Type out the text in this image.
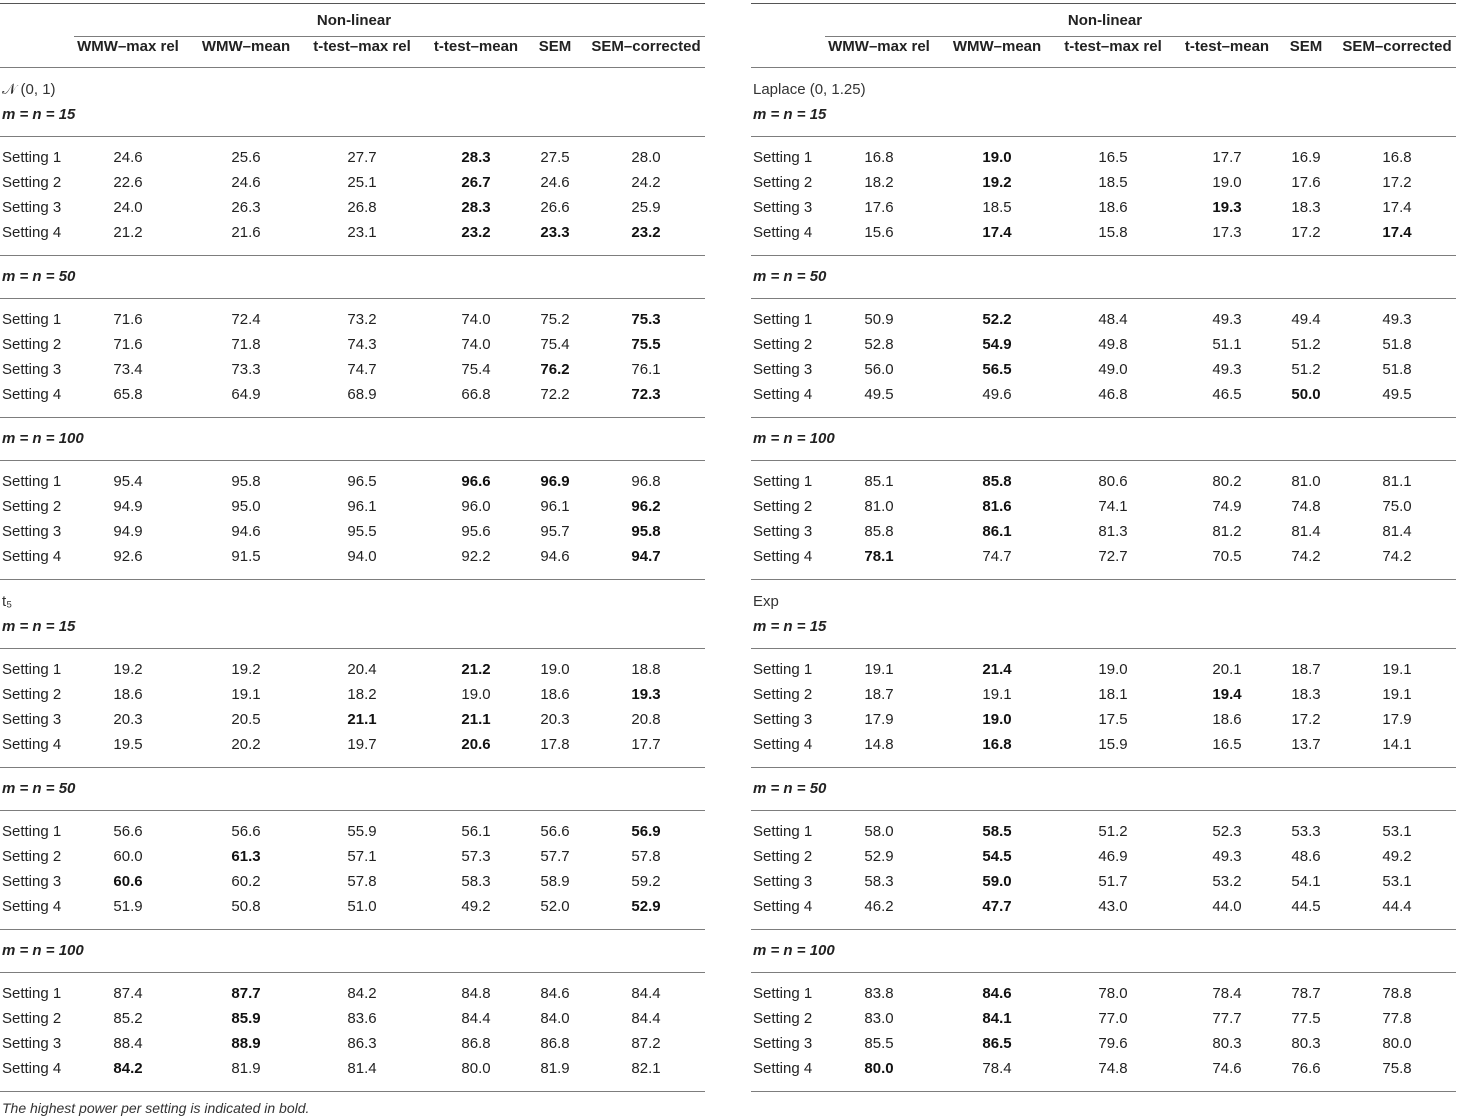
Non-linear
WMW–max rel WMW–mean t-test–max rel t-test–mean SEM SEM–corrected
𝒩 (0, 1)
m = n = 15
Setting 1	24.6	25.6	27.7	28.3	27.5	28.0
Setting 2	22.6	24.6	25.1	26.7	24.6	24.2
Setting 3	24.0	26.3	26.8	28.3	26.6	25.9
Setting 4	21.2	21.6	23.1	23.2	23.3	23.2
m = n = 50
Setting 1	71.6	72.4	73.2	74.0	75.2	75.3
Setting 2	71.6	71.8	74.3	74.0	75.4	75.5
Setting 3	73.4	73.3	74.7	75.4	76.2	76.1
Setting 4	65.8	64.9	68.9	66.8	72.2	72.3
m = n = 100
Setting 1	95.4	95.8	96.5	96.6	96.9	96.8
Setting 2	94.9	95.0	96.1	96.0	96.1	96.2
Setting 3	94.9	94.6	95.5	95.6	95.7	95.8
Setting 4	92.6	91.5	94.0	92.2	94.6	94.7
t₅
m = n = 15
Setting 1	19.2	19.2	20.4	21.2	19.0	18.8
Setting 2	18.6	19.1	18.2	19.0	18.6	19.3
Setting 3	20.3	20.5	21.1	21.1	20.3	20.8
Setting 4	19.5	20.2	19.7	20.6	17.8	17.7
m = n = 50
Setting 1	56.6	56.6	55.9	56.1	56.6	56.9
Setting 2	60.0	61.3	57.1	57.3	57.7	57.8
Setting 3	60.6	60.2	57.8	58.3	58.9	59.2
Setting 4	51.9	50.8	51.0	49.2	52.0	52.9
m = n = 100
Setting 1	87.4	87.7	84.2	84.8	84.6	84.4
Setting 2	85.2	85.9	83.6	84.4	84.0	84.4
Setting 3	88.4	88.9	86.3	86.8	86.8	87.2
Setting 4	84.2	81.9	81.4	80.0	81.9	82.1
Non-linear
WMW–max rel WMW–mean t-test–max rel t-test–mean SEM SEM–corrected
Laplace (0, 1.25)
m = n = 15
Setting 1	16.8	19.0	16.5	17.7	16.9	16.8
Setting 2	18.2	19.2	18.5	19.0	17.6	17.2
Setting 3	17.6	18.5	18.6	19.3	18.3	17.4
Setting 4	15.6	17.4	15.8	17.3	17.2	17.4
m = n = 50
Setting 1	50.9	52.2	48.4	49.3	49.4	49.3
Setting 2	52.8	54.9	49.8	51.1	51.2	51.8
Setting 3	56.0	56.5	49.0	49.3	51.2	51.8
Setting 4	49.5	49.6	46.8	46.5	50.0	49.5
m = n = 100
Setting 1	85.1	85.8	80.6	80.2	81.0	81.1
Setting 2	81.0	81.6	74.1	74.9	74.8	75.0
Setting 3	85.8	86.1	81.3	81.2	81.4	81.4
Setting 4	78.1	74.7	72.7	70.5	74.2	74.2
Exp
m = n = 15
Setting 1	19.1	21.4	19.0	20.1	18.7	19.1
Setting 2	18.7	19.1	18.1	19.4	18.3	19.1
Setting 3	17.9	19.0	17.5	18.6	17.2	17.9
Setting 4	14.8	16.8	15.9	16.5	13.7	14.1
m = n = 50
Setting 1	58.0	58.5	51.2	52.3	53.3	53.1
Setting 2	52.9	54.5	46.9	49.3	48.6	49.2
Setting 3	58.3	59.0	51.7	53.2	54.1	53.1
Setting 4	46.2	47.7	43.0	44.0	44.5	44.4
m = n = 100
Setting 1	83.8	84.6	78.0	78.4	78.7	78.8
Setting 2	83.0	84.1	77.0	77.7	77.5	77.8
Setting 3	85.5	86.5	79.6	80.3	80.3	80.0
Setting 4	80.0	78.4	74.8	74.6	76.6	75.8
The highest power per setting is indicated in bold.
